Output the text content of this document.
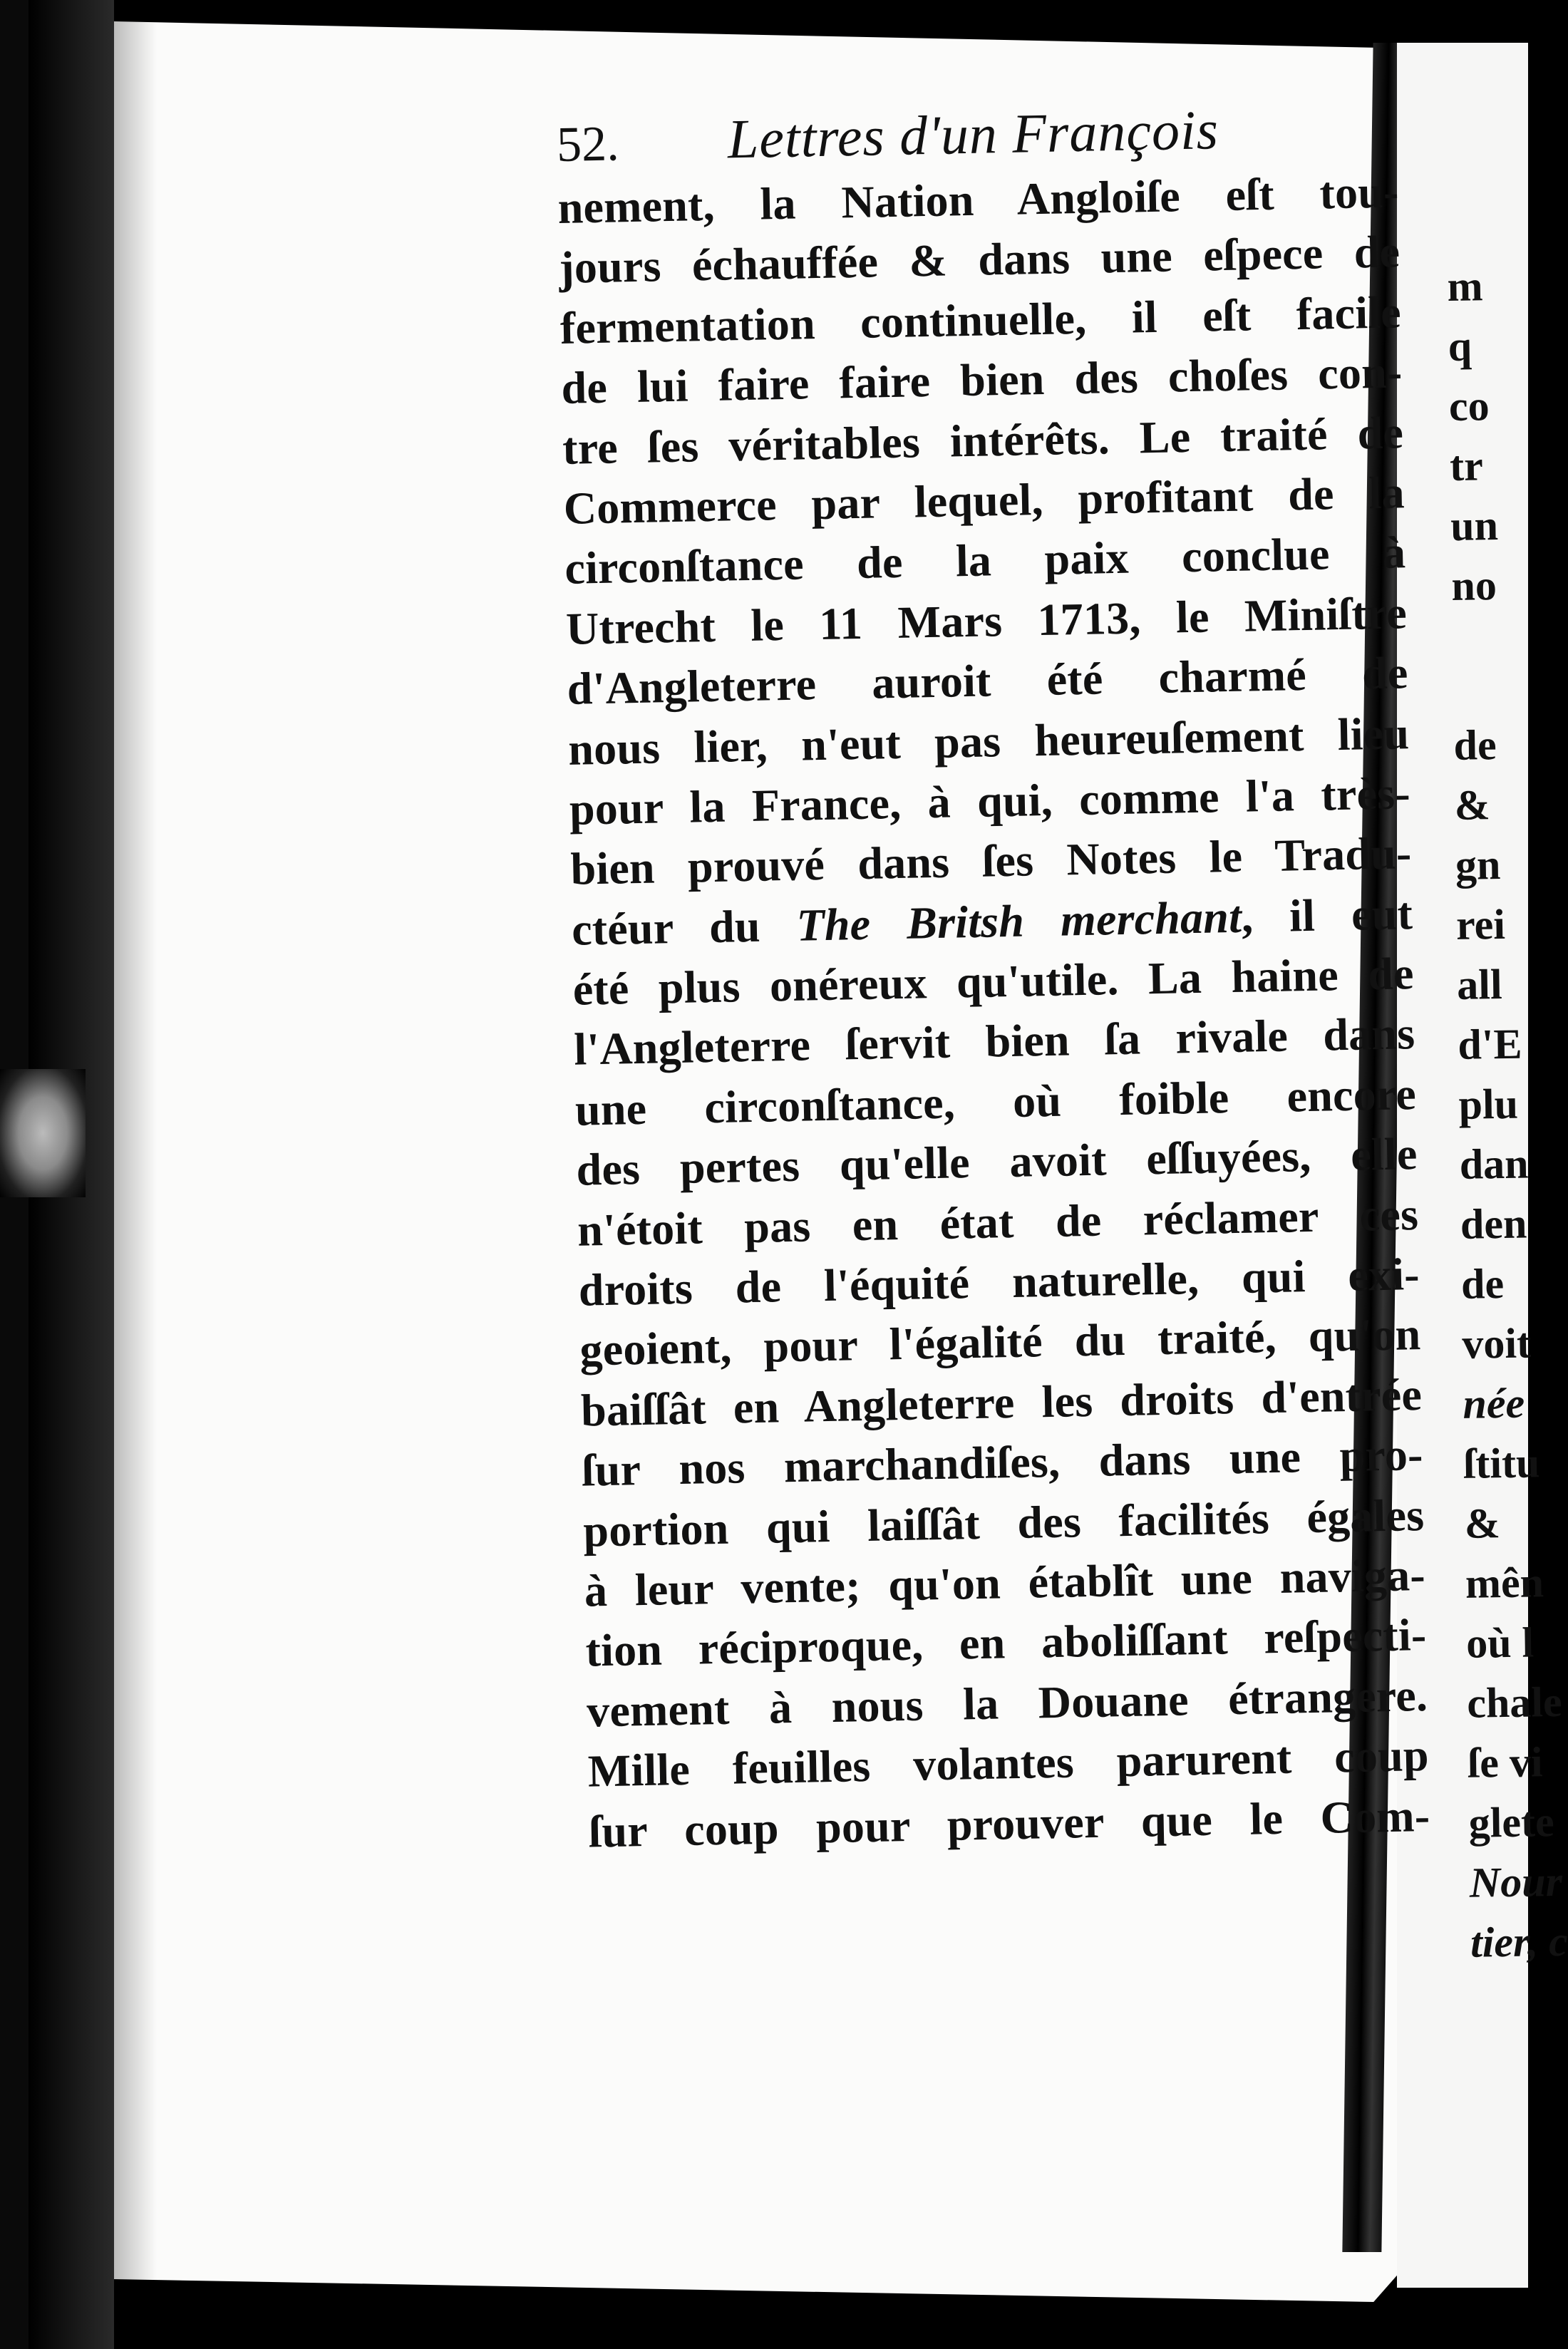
52.	Lettres d'un François
nement, la Nation Angloiſe eſt tou-
jours échauffée & dans une eſpece de
fermentation continuelle, il eſt facile
de lui faire faire bien des choſes con-
tre ſes véritables intérêts. Le traité de
Commerce par lequel, profitant de la
circonſtance de la paix conclue à
Utrecht le 11 Mars 1713, le Miniſtre
d'Angleterre auroit été charmé de
nous lier, n'eut pas heureuſement lieu
pour la France, à qui, comme l'a très-
bien prouvé dans ſes Notes le Tradu-
ctéur du The Britsh merchant, il eut
été plus onéreux qu'utile. La haine de
l'Angleterre ſervit bien ſa rivale dans
une circonſtance, où foible encore
des pertes qu'elle avoit eſſuyées, elle
n'étoit pas en état de réclamer ces
droits de l'équité naturelle, qui exi-
geoient, pour l'égalité du traité, qu'on
baiſſât en Angleterre les droits d'entrée
ſur nos marchandiſes, dans une pro-
portion qui laiſſât des facilités égales
à leur vente; qu'on établît une naviga-
tion réciproque, en aboliſſant reſpecti-
vement à nous la Douane étrangere.
Mille feuilles volantes parurent coup
ſur coup pour prouver que le Com-
m
q
co
tr
un
no
de
&
gn
rei
all
d'E
plu
dan
den
de
voit
née
ſtitu
&
mên
où l
chale
ſe vi
glete
Nour
tier, c
